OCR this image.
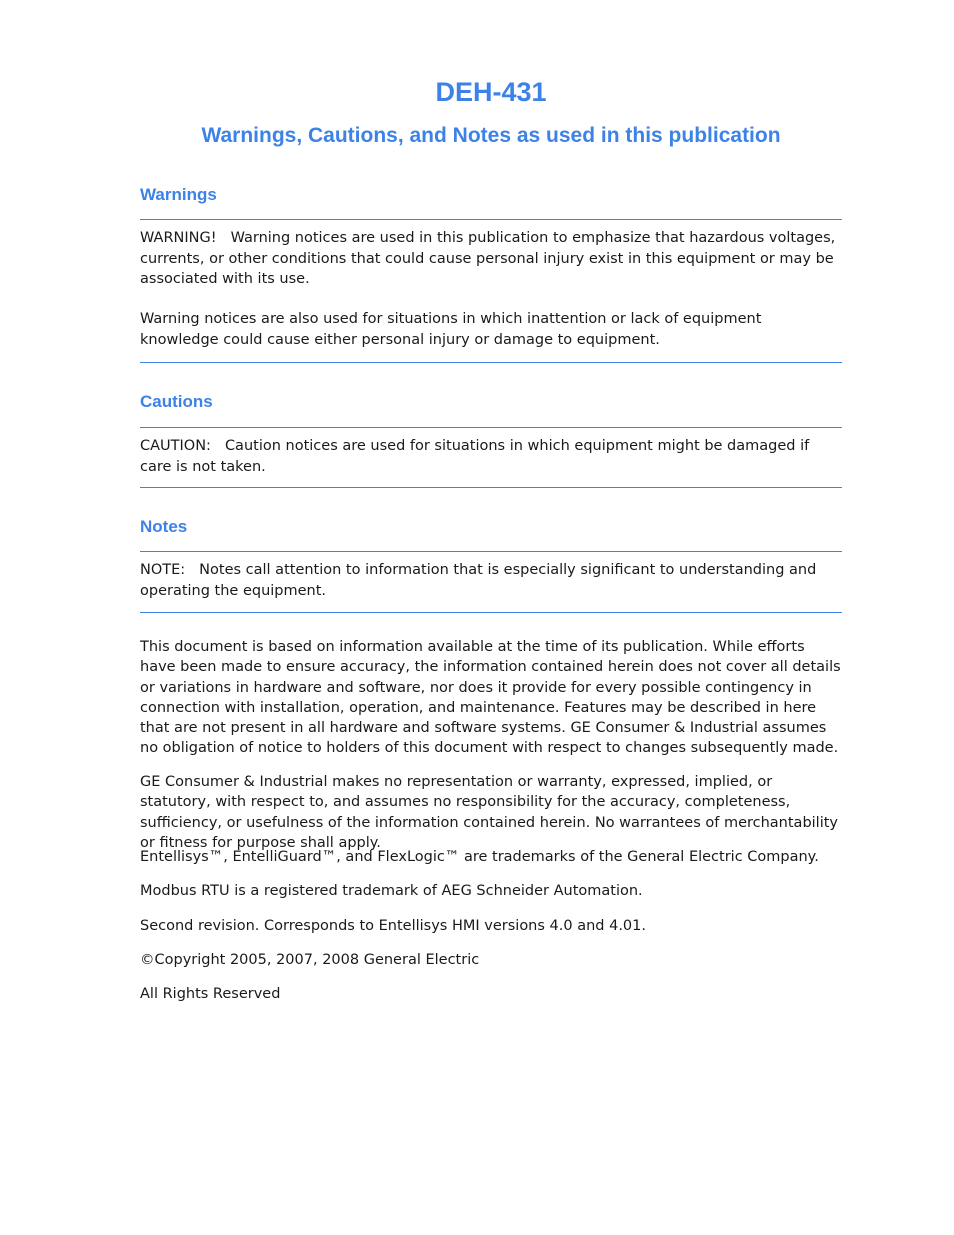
DEH-431
Warnings, Cautions, and Notes as used in this publication
Warnings

WARNING! Warning notices are used in this publication to emphasize that hazardous voltages, currents, or other conditions that could cause personal injury exist in this equipment or may be associated with its use.

Warning notices are also used for situations in which inattention or lack of equipment knowledge could cause either personal injury or damage to equipment.

Cautions

CAUTION: Caution notices are used for situations in which equipment might be damaged if care is not taken.

Notes

NOTE: Notes call attention to information that is especially significant to understanding and operating the equipment.

This document is based on information available at the time of its publication. While efforts have been made to ensure accuracy, the information contained herein does not cover all details or variations in hardware and software, nor does it provide for every possible contingency in connection with installation, operation, and maintenance. Features may be described in here that are not present in all hardware and software systems. GE Consumer & Industrial assumes no obligation of notice to holders of this document with respect to changes subsequently made.

GE Consumer & Industrial makes no representation or warranty, expressed, implied, or statutory, with respect to, and assumes no responsibility for the accuracy, completeness, sufficiency, or usefulness of the information contained herein. No warrantees of merchantability or fitness for purpose shall apply.

Entellisys™, EntelliGuard™, and FlexLogic™ are trademarks of the General Electric Company.

Modbus RTU is a registered trademark of AEG Schneider Automation.

Second revision. Corresponds to Entellisys HMI versions 4.0 and 4.01.

©Copyright 2005, 2007, 2008 General Electric

All Rights Reserved
